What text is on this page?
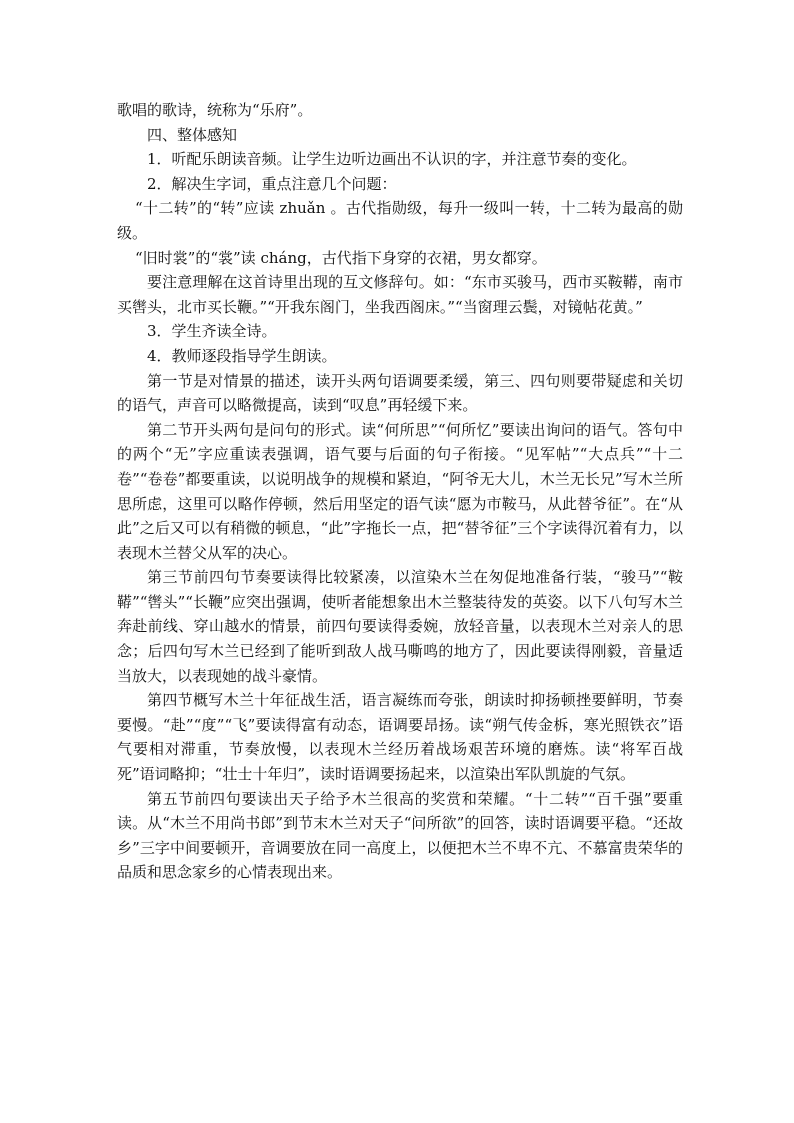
歌唱的歌诗，统称为“乐府”。

四、整体感知

1．听配乐朗读音频。让学生边听边画出不认识的字，并注意节奏的变化。

2．解决生字词，重点注意几个问题：

“十二转”的“转”应读 zhuǎn 。古代指勋级，每升一级叫一转，十二转为最高的勋级。

“旧时裳”的“裳”读 cháng，古代指下身穿的衣裙，男女都穿。

要注意理解在这首诗里出现的互文修辞句。如：“东市买骏马，西市买鞍鞯，南市买辔头，北市买长鞭。”“开我东阁门，坐我西阁床。”“当窗理云鬓，对镜帖花黄。”

3．学生齐读全诗。

4．教师逐段指导学生朗读。

第一节是对情景的描述，读开头两句语调要柔缓，第三、四句则要带疑虑和关切的语气，声音可以略微提高，读到“叹息”再轻缓下来。

第二节开头两句是问句的形式。读“何所思”“何所忆”要读出询问的语气。答句中的两个“无”字应重读表强调，语气要与后面的句子衔接。“见军帖”“大点兵”“十二卷”“卷卷”都要重读，以说明战争的规模和紧迫，“阿爷无大儿，木兰无长兄”写木兰所思所虑，这里可以略作停顿，然后用坚定的语气读“愿为市鞍马，从此替爷征”。在“从此”之后又可以有稍微的顿息，“此”字拖长一点，把“替爷征”三个字读得沉着有力，以表现木兰替父从军的决心。

第三节前四句节奏要读得比较紧凑，以渲染木兰在匆促地准备行装，“骏马”“鞍鞯”“辔头”“长鞭”应突出强调，使听者能想象出木兰整装待发的英姿。以下八句写木兰奔赴前线、穿山越水的情景，前四句要读得委婉，放轻音量，以表现木兰对亲人的思念；后四句写木兰已经到了能听到敌人战马嘶鸣的地方了，因此要读得刚毅，音量适当放大，以表现她的战斗豪情。

第四节概写木兰十年征战生活，语言凝练而夸张，朗读时抑扬顿挫要鲜明，节奏要慢。“赴”“度”“飞”要读得富有动态，语调要昂扬。读“朔气传金柝，寒光照铁衣”语气要相对滞重，节奏放慢，以表现木兰经历着战场艰苦环境的磨炼。读“将军百战死”语词略抑；“壮士十年归”，读时语调要扬起来，以渲染出军队凯旋的气氛。

第五节前四句要读出天子给予木兰很高的奖赏和荣耀。“十二转”“百千强”要重读。从“木兰不用尚书郎”到节末木兰对天子“问所欲”的回答，读时语调要平稳。“还故乡”三字中间要顿开，音调要放在同一高度上，以便把木兰不卑不亢、不慕富贵荣华的品质和思念家乡的心情表现出来。
